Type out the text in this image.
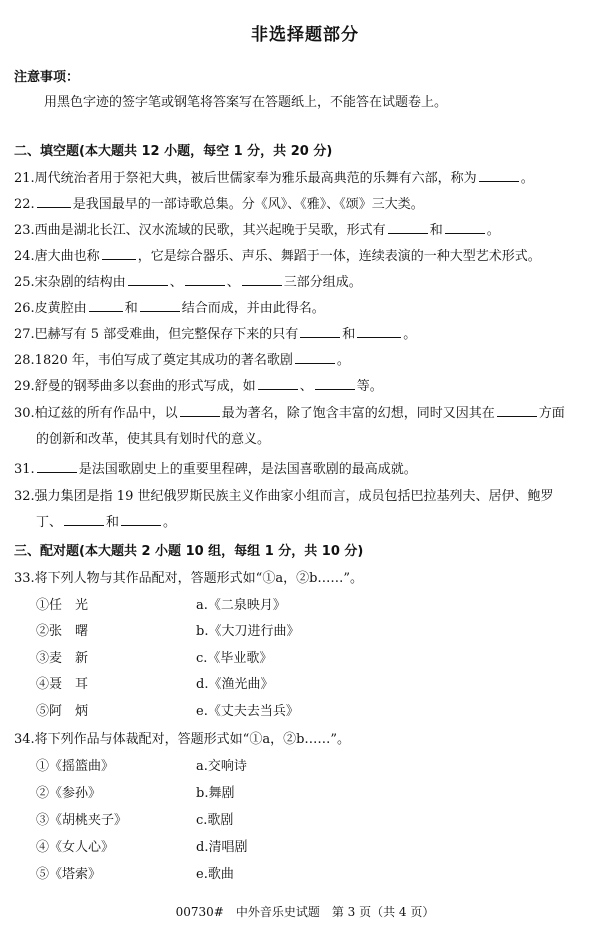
非选择题部分
注意事项：
用黑色字迹的签字笔或钢笔将答案写在答题纸上，不能答在试题卷上。
二、填空题(本大题共 12 小题，每空 1 分，共 20 分)
21.周代统治者用于祭祀大典，被后世儒家奉为雅乐最高典范的乐舞有六部，称为	。
22.	是我国最早的一部诗歌总集。分《风》、《雅》、《颂》三大类。
23.西曲是湖北长江、汉水流域的民歌，其兴起晚于吴歌，形式有	和	。
24.唐大曲也称	，它是综合器乐、声乐、舞蹈于一体，连续表演的一种大型艺术形式。
25.宋杂剧的结构由	、	、	三部分组成。
26.皮黄腔由	和	结合而成，并由此得名。
27.巴赫写有 5 部受难曲，但完整保存下来的只有	和	。
28.1820 年，韦伯写成了奠定其成功的著名歌剧	。
29.舒曼的钢琴曲多以套曲的形式写成，如	、	等。
30.柏辽兹的所有作品中，以	最为著名，除了饱含丰富的幻想，同时又因其在	方面
的创新和改革，使其具有划时代的意义。
31.	是法国歌剧史上的重要里程碑，是法国喜歌剧的最高成就。
32.强力集团是指 19 世纪俄罗斯民族主义作曲家小组而言，成员包括巴拉基列夫、居伊、鲍罗
丁、	和	。
三、配对题(本大题共 2 小题 10 组，每组 1 分，共 10 分)
33.将下列人物与其作品配对，答题形式如“①a，②b……”。
①任　光	a.《二泉映月》
②张　曙	b.《大刀进行曲》
③麦　新	c.《毕业歌》
④聂　耳	d.《渔光曲》
⑤阿　炳	e.《丈夫去当兵》
34.将下列作品与体裁配对，答题形式如“①a，②b……”。
①《摇篮曲》	a.交响诗
②《参孙》	b.舞剧
③《胡桃夹子》	c.歌剧
④《女人心》	d.清唱剧
⑤《塔索》	e.歌曲
00730#　中外音乐史试题　第 3 页（共 4 页）
